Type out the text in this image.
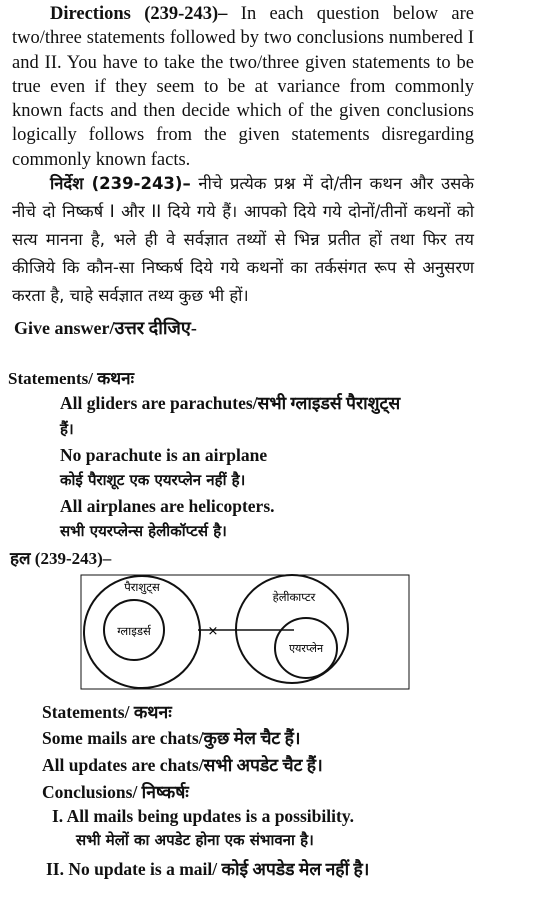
Directions (239-243)– In each question below are two/three statements followed by two conclusions numbered I and II. You have to take the two/three given statements to be true even if they seem to be at variance from commonly known facts and then decide which of the given conclusions logically follows from the given statements disregarding commonly known facts.
निर्देश (239-243)– नीचे प्रत्येक प्रश्न में दो/तीन कथन और उसके नीचे दो निष्कर्ष I और II दिये गये हैं। आपको दिये गये दोनों/तीनों कथनों को सत्य मानना है, भले ही वे सर्वज्ञात तथ्यों से भिन्न प्रतीत हों तथा फिर तय कीजिये कि कौन-सा निष्कर्ष दिये गये कथनों का तर्कसंगत रूप से अनुसरण करता है, चाहे सर्वज्ञात तथ्य कुछ भी हों।
Give answer/उत्तर दीजिए-
Statements/ कथनः
All gliders are parachutes/सभी ग्लाइडर्स पैराशुट्स
हैं।
No parachute is an airplane
कोई पैराशूट एक एयरप्लेन नहीं है।
All airplanes are helicopters.
सभी एयरप्लेन्स हेलीकॉप्टर्स है।
हल (239-243)–
पैराशुट्स
ग्लाइडर्स
हेलीकाप्टर
एयरप्लेन
×
Statements/ कथनः
Some mails are chats/कुछ मेल चैट हैं।
All updates are chats/सभी अपडेट चैट हैं।
Conclusions/ निष्कर्षः
I. All mails being updates is a possibility.
सभी मेलों का अपडेट होना एक संभावना है।
II. No update is a mail/ कोई अपडेड मेल नहीं है।
